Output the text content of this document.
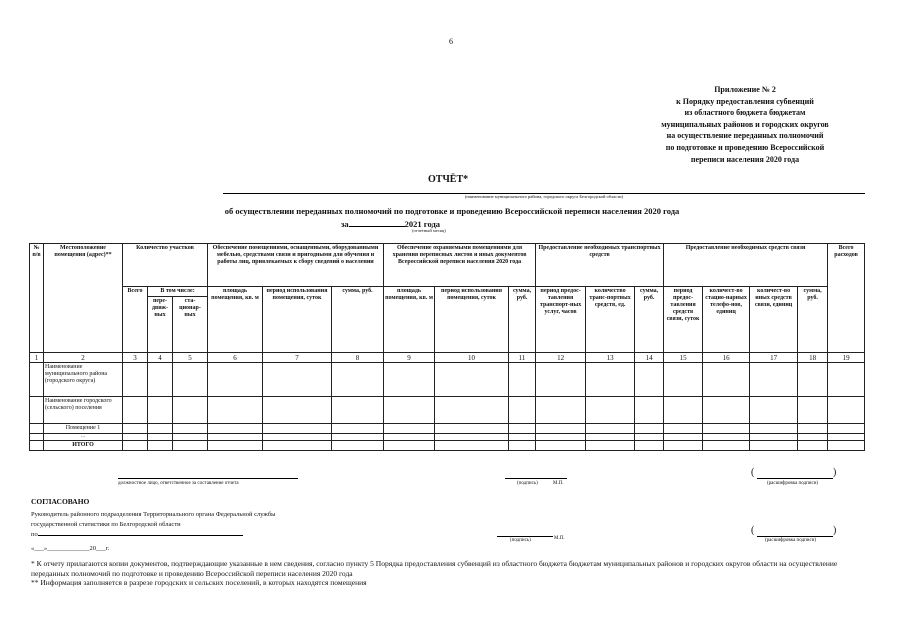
6
Приложение № 2
к Порядку предоставления субвенций
из областного бюджета бюджетам
муниципальных районов и городских округов
на осуществление переданных полномочий
по подготовке и проведению Всероссийской
переписи населения 2020 года
ОТЧЁТ*
(наименование муниципального района, городского округа Белгородской области)
об осуществлении переданных полномочий по подготовке и проведению Всероссийской переписи населения 2020 года
за	2021 года
(отчетный месяц)
№ п/в	Местоположение помещения (адрес)**	Количество участков			Обеспечение помещениями, оснащенными, оборудованными мебелью, средствами связи и пригодными для обучения и работы лиц, привлекаемых к сбору сведений о населении			Обеспечение охраняемыми помещениями для хранения переписных листов и иных документов Всероссийской переписи населения 2020 года			Предоставление необходимых транспортных средств			Предоставление необходимых средств связи				Всего расходов
		Всего	В том числе:		площадь помещения, кв. м	период использования помещения, суток	сумма, руб.	площадь помещения, кв. м	период использования помещения, суток	сумма, руб.	период предос-тавления транспорт-ных услуг, часов	количество транс-портных средств, ед.	сумма, руб.	период предос-тавления средств связи, суток	количест-во стацио-нарных телефо-нов, единиц	количест-во иных средств связи, единиц	сумма, руб.	
			пере-движ-ных	ста-ционар-ных														
1	2	3	4	5	6	7	8	9	10	11	12	13	14	15	16	17	18	19
	Наименование муниципального района (городского округа)																	
	Наименование городского (сельского) поселения																	
	Помещение 1																	
	...																	
	ИТОГО																	
должностное лицо, ответственное за составление отчета	(подпись)	М.П.
(	)
(расшифровка подписи)
СОГЛАСОВАНО
Руководитель районного подразделения Территориального органа Федеральной службы
государственной статистики по Белгородской области
по
«___»_____________20___г.
(подпись)	М.П.
(	)
(расшифровка подписи)
* К отчету прилагаются копии документов, подтверждающие указанные в нем сведения, согласно пункту 5 Порядка предоставления субвенций из областного бюджета бюджетам муниципальных районов и городских округов области на осуществление переданных полномочий по подготовке и проведению Всероссийской переписи населения 2020 года
** Информация заполняется в разрезе городских и сельских поселений, в которых находятся помещения
